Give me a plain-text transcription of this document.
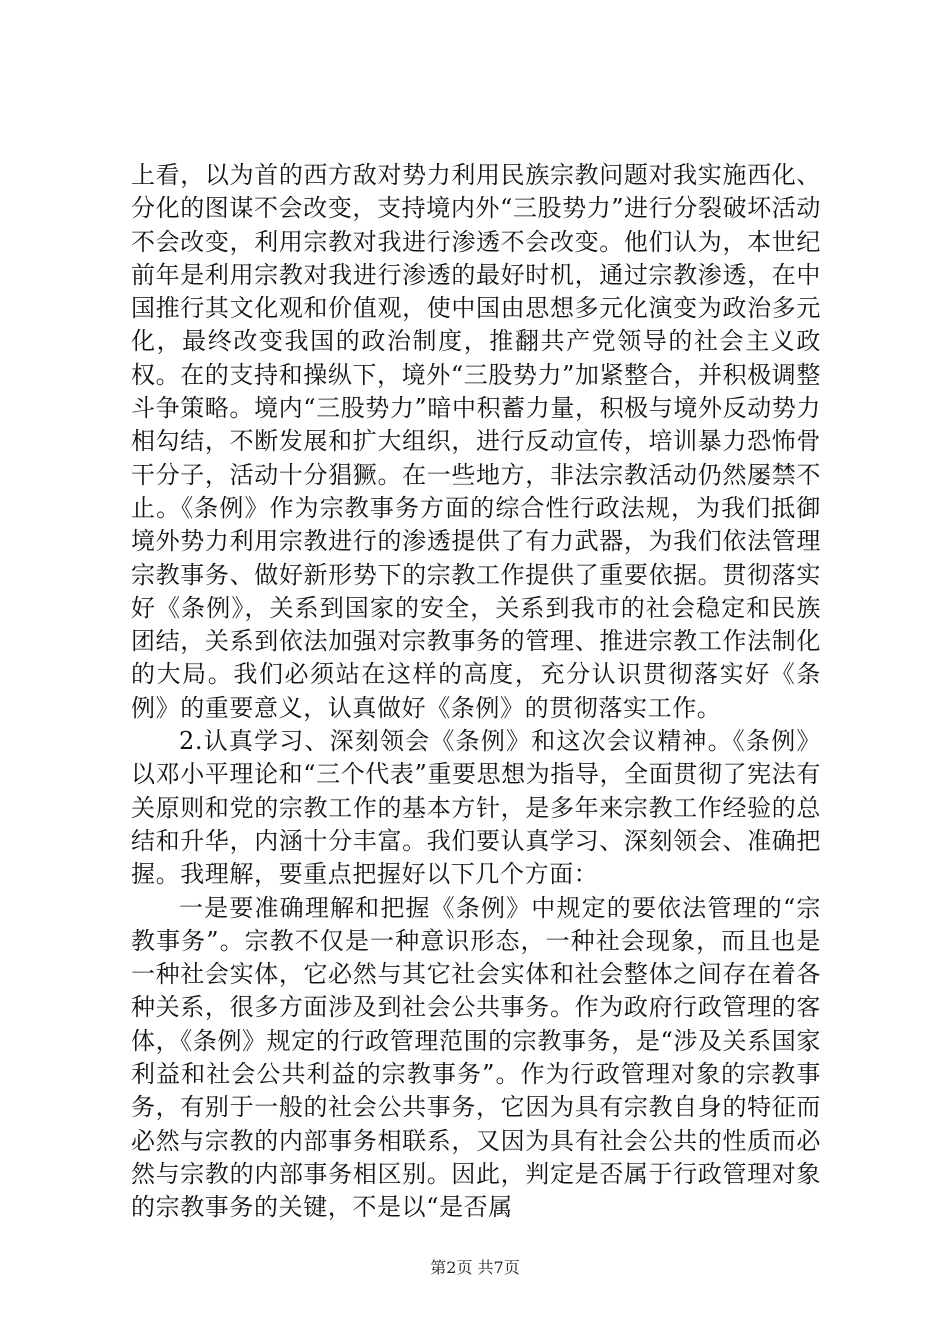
上看，以为首的西方敌对势力利用民族宗教问题对我实施西化、分化的图谋不会改变，支持境内外“三股势力”进行分裂破坏活动不会改变，利用宗教对我进行渗透不会改变。他们认为，本世纪前年是利用宗教对我进行渗透的最好时机，通过宗教渗透，在中国推行其文化观和价值观，使中国由思想多元化演变为政治多元化，最终改变我国的政治制度，推翻共产党领导的社会主义政权。在的支持和操纵下，境外“三股势力”加紧整合，并积极调整斗争策略。境内“三股势力”暗中积蓄力量，积极与境外反动势力相勾结，不断发展和扩大组织，进行反动宣传，培训暴力恐怖骨干分子，活动十分猖獗。在一些地方，非法宗教活动仍然屡禁不止。《条例》作为宗教事务方面的综合性行政法规，为我们抵御境外势力利用宗教进行的渗透提供了有力武器，为我们依法管理宗教事务、做好新形势下的宗教工作提供了重要依据。贯彻落实好《条例》，关系到国家的安全，关系到我市的社会稳定和民族团结，关系到依法加强对宗教事务的管理、推进宗教工作法制化的大局。我们必须站在这样的高度，充分认识贯彻落实好《条例》的重要意义，认真做好《条例》的贯彻落实工作。

2.认真学习、深刻领会《条例》和这次会议精神。《条例》以邓小平理论和“三个代表”重要思想为指导，全面贯彻了宪法有关原则和党的宗教工作的基本方针，是多年来宗教工作经验的总结和升华，内涵十分丰富。我们要认真学习、深刻领会、准确把握。我理解，要重点把握好以下几个方面：

一是要准确理解和把握《条例》中规定的要依法管理的“宗教事务”。宗教不仅是一种意识形态，一种社会现象，而且也是一种社会实体，它必然与其它社会实体和社会整体之间存在着各种关系，很多方面涉及到社会公共事务。作为政府行政管理的客体，《条例》规定的行政管理范围的宗教事务，是“涉及关系国家利益和社会公共利益的宗教事务”。作为行政管理对象的宗教事务，有别于一般的社会公共事务，它因为具有宗教自身的特征而必然与宗教的内部事务相联系，又因为具有社会公共的性质而必然与宗教的内部事务相区别。因此，判定是否属于行政管理对象的宗教事务的关键，不是以“是否属

第2页 共7页
